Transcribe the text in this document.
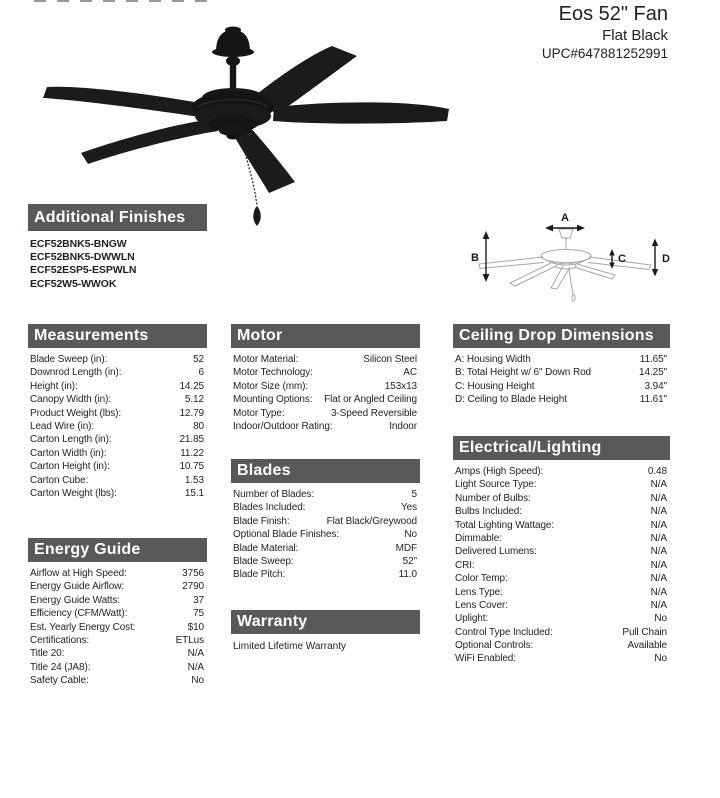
Eos 52" Fan
Flat Black
UPC#647881252991
A
B	C	D
Additional Finishes
ECF52BNK5-BNGW
ECF52BNK5-DWWLN
ECF52ESP5-ESPWLN
ECF52W5-WWOK
Measurements
Blade Sweep (in):	52
Downrod Length (in):	6
Height (in):	14.25
Canopy Width (in):	5.12
Product Weight (lbs):	12.79
Lead Wire (in):	80
Carton Length (in):	21.85
Carton Width (in):	11.22
Carton Height (in):	10.75
Carton Cube:	1.53
Carton Weight (lbs):	15.1
Energy Guide
Airflow at High Speed:	3756
Energy Guide Airflow:	2790
Energy Guide Watts:	37
Efficiency (CFM/Watt):	75
Est. Yearly Energy Cost:	$10
Certifications:	ETLus
Title 20:	N/A
Title 24 (JA8):	N/A
Safety Cable:	No
Motor
Motor Material:	Silicon Steel
Motor Technology:	AC
Motor Size (mm):	153x13
Mounting Options: Flat or Angled Ceiling
Motor Type:	3-Speed Reversible
Indoor/Outdoor Rating:	Indoor
Blades
Number of Blades:	5
Blades Included:	Yes
Blade Finish:	Flat Black/Greywood
Optional Blade Finishes:	No
Blade Material:	MDF
Blade Sweep:	52"
Blade Pitch:	11.0
Warranty
Limited Lifetime Warranty
Ceiling Drop Dimensions
A: Housing Width	11.65"
B: Total Height w/ 6" Down Rod	14.25"
C: Housing Height	3.94"
D: Ceiling to Blade Height	11.61"
Electrical/Lighting
Amps (High Speed):	0.48
Light Source Type:	N/A
Number of Bulbs:	N/A
Bulbs Included:	N/A
Total Lighting Wattage:	N/A
Dimmable:	N/A
Delivered Lumens:	N/A
CRI:	N/A
Color Temp:	N/A
Lens Type:	N/A
Lens Cover:	N/A
Uplight:	No
Control Type Included:	Pull Chain
Optional Controls:	Available
WiFi Enabled:	No
